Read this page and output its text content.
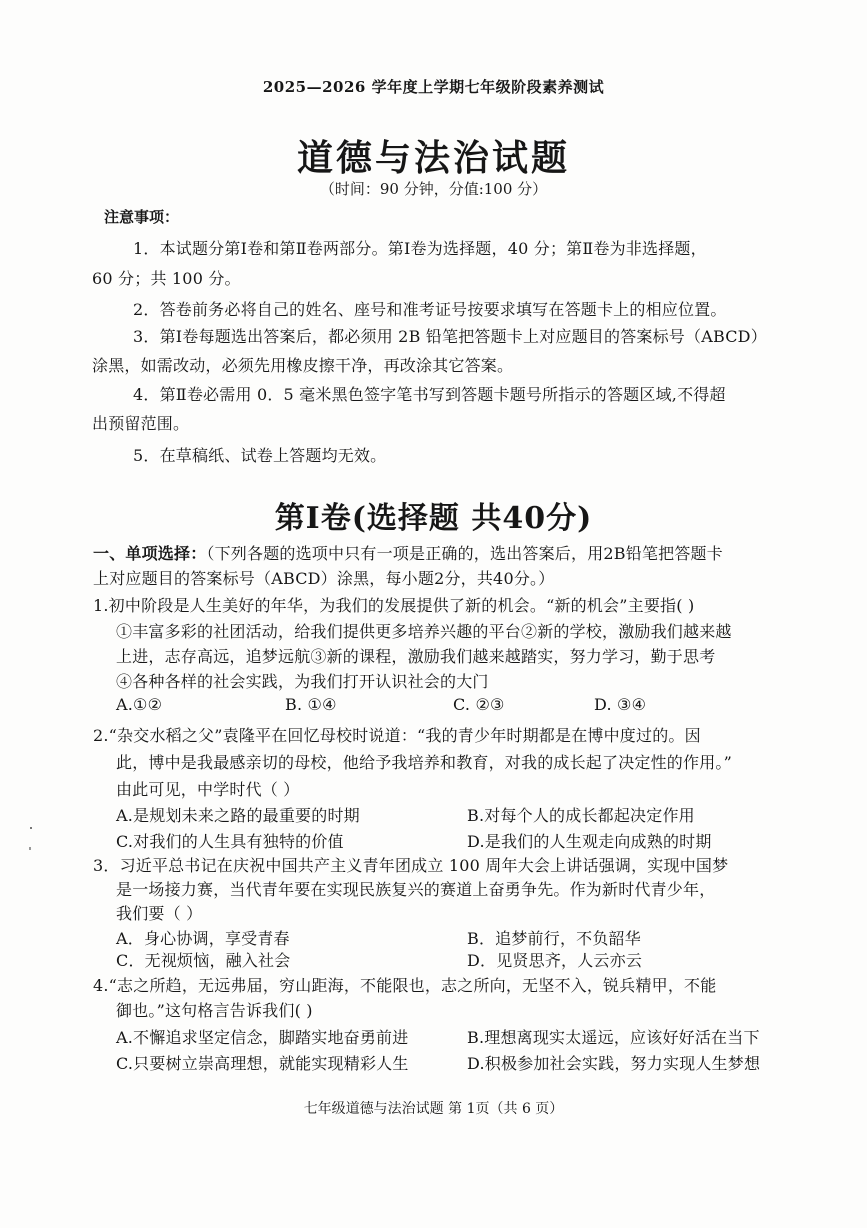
2025—2026 学年度上学期七年级阶段素养测试
道德与法治试题
（时间：90 分钟，分值:100 分）
注意事项：
1．本试题分第Ⅰ卷和第Ⅱ卷两部分。第Ⅰ卷为选择题，40 分；第Ⅱ卷为非选择题，
60 分；共 100 分。
2．答卷前务必将自己的姓名、座号和准考证号按要求填写在答题卡上的相应位置。
3．第Ⅰ卷每题选出答案后，都必须用 2B 铅笔把答题卡上对应题目的答案标号（ABCD）
涂黑，如需改动，必须先用橡皮擦干净，再改涂其它答案。
4．第Ⅱ卷必需用 0．5 毫米黑色签字笔书写到答题卡题号所指示的答题区域,不得超
出预留范围。
5．在草稿纸、试卷上答题均无效。
第Ⅰ卷(选择题 共40分)
一、单项选择：（下列各题的选项中只有一项是正确的，选出答案后，用2B铅笔把答题卡
上对应题目的答案标号（ABCD）涂黑，每小题2分，共40分。）
1.初中阶段是人生美好的年华，为我们的发展提供了新的机会。“新的机会”主要指( )
①丰富多彩的社团活动，给我们提供更多培养兴趣的平台②新的学校，激励我们越来越
上进，志存高远，追梦远航③新的课程，激励我们越来越踏实，努力学习，勤于思考
④各种各样的社会实践，为我们打开认识社会的大门
A.①②	B. ①④	C. ②③	D. ③④
2.“杂交水稻之父”袁隆平在回忆母校时说道：“我的青少年时期都是在博中度过的。因
此，博中是我最感亲切的母校，他给予我培养和教育，对我的成长起了决定性的作用。”
由此可见，中学时代（ ）
A.是规划未来之路的最重要的时期	B.对每个人的成长都起决定作用
C.对我们的人生具有独特的价值	D.是我们的人生观走向成熟的时期
3．习近平总书记在庆祝中国共产主义青年团成立 100 周年大会上讲话强调，实现中国梦
是一场接力赛，当代青年要在实现民族复兴的赛道上奋勇争先。作为新时代青少年，
我们要（ ）
A．身心协调，享受青春	B．追梦前行，不负韶华
C．无视烦恼，融入社会	D．见贤思齐，人云亦云
4.“志之所趋，无远弗届，穷山距海，不能限也，志之所向，无坚不入，锐兵精甲，不能
御也。”这句格言告诉我们( )
A.不懈追求坚定信念，脚踏实地奋勇前进	B.理想离现实太遥远，应该好好活在当下
C.只要树立崇高理想，就能实现精彩人生	D.积极参加社会实践，努力实现人生梦想
七年级道德与法治试题 第 1页（共 6 页）
